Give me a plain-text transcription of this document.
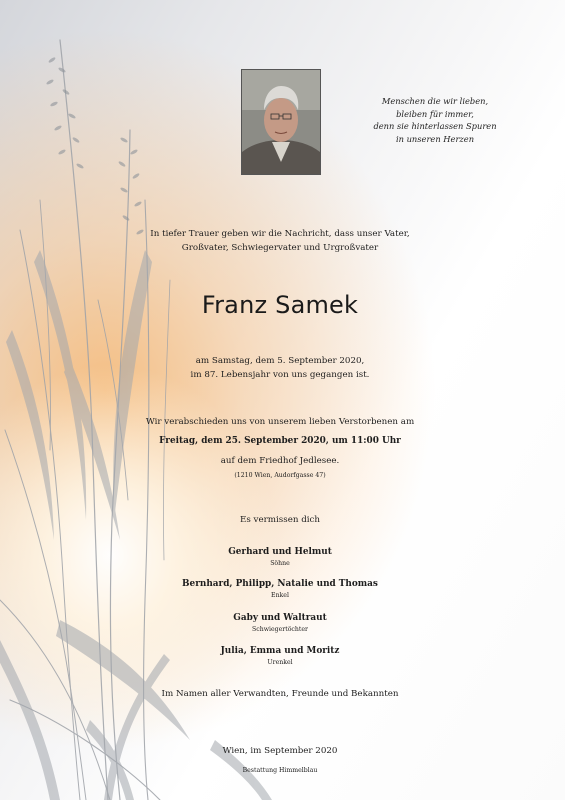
Menschen die wir lieben,
bleiben für immer,
denn sie hinterlassen Spuren
in unseren Herzen
In tiefer Trauer geben wir die Nachricht, dass unser Vater,
Großvater, Schwiegervater und Urgroßvater
Franz Samek
am Samstag, dem 5. September 2020,
im 87. Lebensjahr von uns gegangen ist.
Wir verabschieden uns von unserem lieben Verstorbenen am
Freitag, dem 25. September 2020, um 11:00 Uhr
auf dem Friedhof Jedlesee.
(1210 Wien, Audorfgasse 47)
Es vermissen dich
Gerhard und Helmut
Söhne
Bernhard, Philipp, Natalie und Thomas
Enkel
Gaby und Waltraut
Schwiegertöchter
Julia, Emma und Moritz
Urenkel
Im Namen aller Verwandten, Freunde und Bekannten
Wien, im September 2020
Bestattung Himmelblau
